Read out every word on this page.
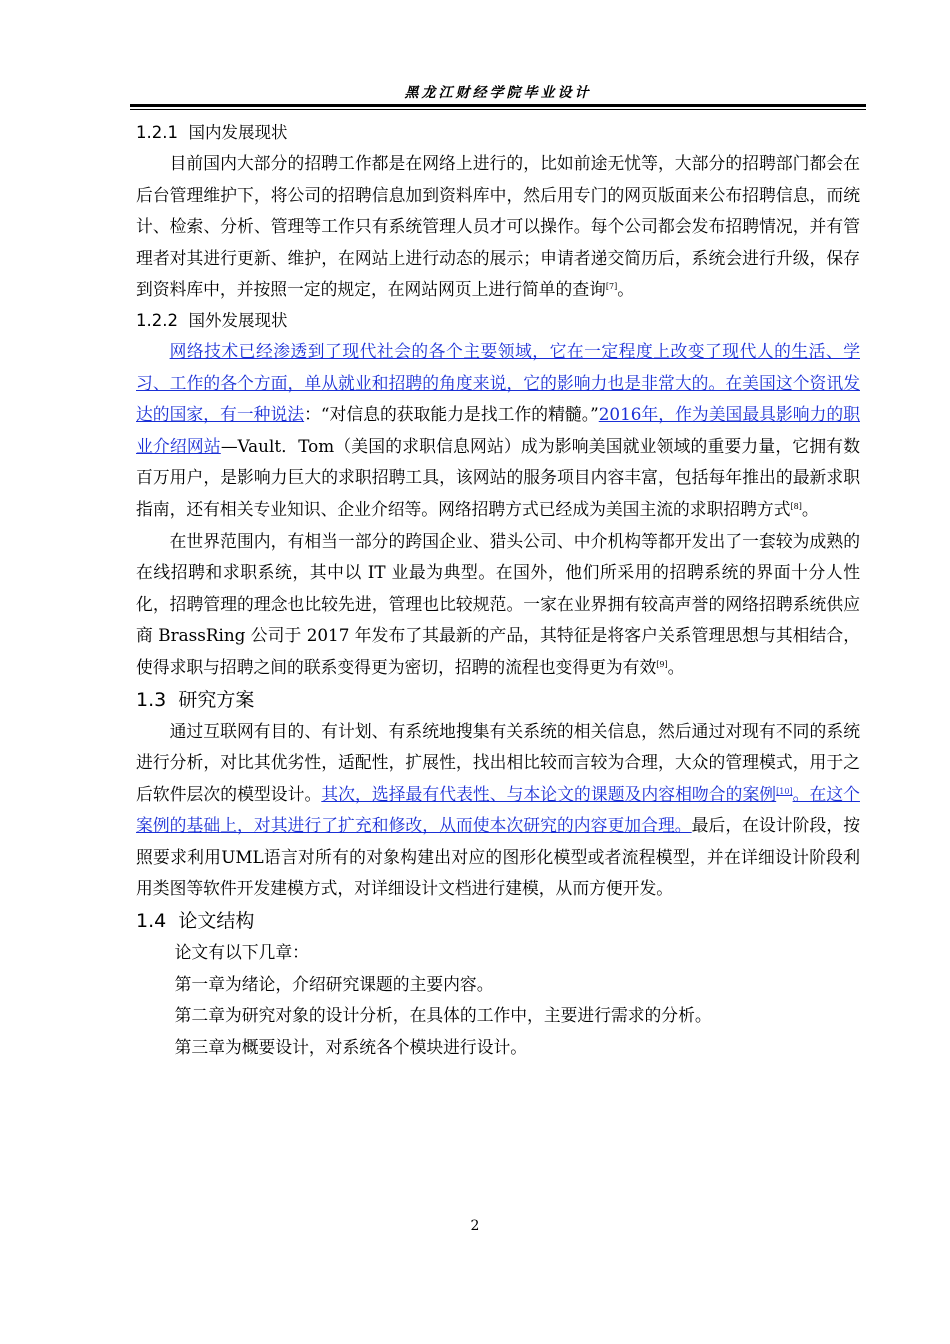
黑龙江财经学院毕业设计
1.2.1 国内发展现状

目前国内大部分的招聘工作都是在网络上进行的，比如前途无忧等，大部分的招聘部门都会在后台管理维护下，将公司的招聘信息加到资料库中，然后用专门的网页版面来公布招聘信息，而统计、检索、分析、管理等工作只有系统管理人员才可以操作。每个公司都会发布招聘情况，并有管理者对其进行更新、维护，在网站上进行动态的展示；申请者递交简历后，系统会进行升级，保存到资料库中，并按照一定的规定，在网站网页上进行简单的查询[7]。

1.2.2 国外发展现状

网络技术已经渗透到了现代社会的各个主要领域，它在一定程度上改变了现代人的生活、学习、工作的各个方面，单从就业和招聘的角度来说，它的影响力也是非常大的。在美国这个资讯发达的国家，有一种说法：“对信息的获取能力是找工作的精髓。”2016年，作为美国最具影响力的职业介绍网站—Vault．Tom（美国的求职信息网站）成为影响美国就业领域的重要力量，它拥有数百万用户，是影响力巨大的求职招聘工具，该网站的服务项目内容丰富，包括每年推出的最新求职指南，还有相关专业知识、企业介绍等。网络招聘方式已经成为美国主流的求职招聘方式[8]。

在世界范围内，有相当一部分的跨国企业、猎头公司、中介机构等都开发出了一套较为成熟的在线招聘和求职系统，其中以 IT 业最为典型。在国外，他们所采用的招聘系统的界面十分人性化，招聘管理的理念也比较先进，管理也比较规范。一家在业界拥有较高声誉的网络招聘系统供应商 BrassRing 公司于 2017 年发布了其最新的产品，其特征是将客户关系管理思想与其相结合，使得求职与招聘之间的联系变得更为密切，招聘的流程也变得更为有效[9]。

1.3 研究方案

通过互联网有目的、有计划、有系统地搜集有关系统的相关信息，然后通过对现有不同的系统进行分析，对比其优劣性，适配性，扩展性，找出相比较而言较为合理，大众的管理模式，用于之后软件层次的模型设计。其次，选择最有代表性、与本论文的课题及内容相吻合的案例[10]。在这个案例的基础上，对其进行了扩充和修改，从而使本次研究的内容更加合理。最后，在设计阶段，按照要求利用UML语言对所有的对象构建出对应的图形化模型或者流程模型，并在详细设计阶段利用类图等软件开发建模方式，对详细设计文档进行建模，从而方便开发。

1.4 论文结构

论文有以下几章：

第一章为绪论，介绍研究课题的主要内容。

第二章为研究对象的设计分析，在具体的工作中，主要进行需求的分析。

第三章为概要设计，对系统各个模块进行设计。

2
